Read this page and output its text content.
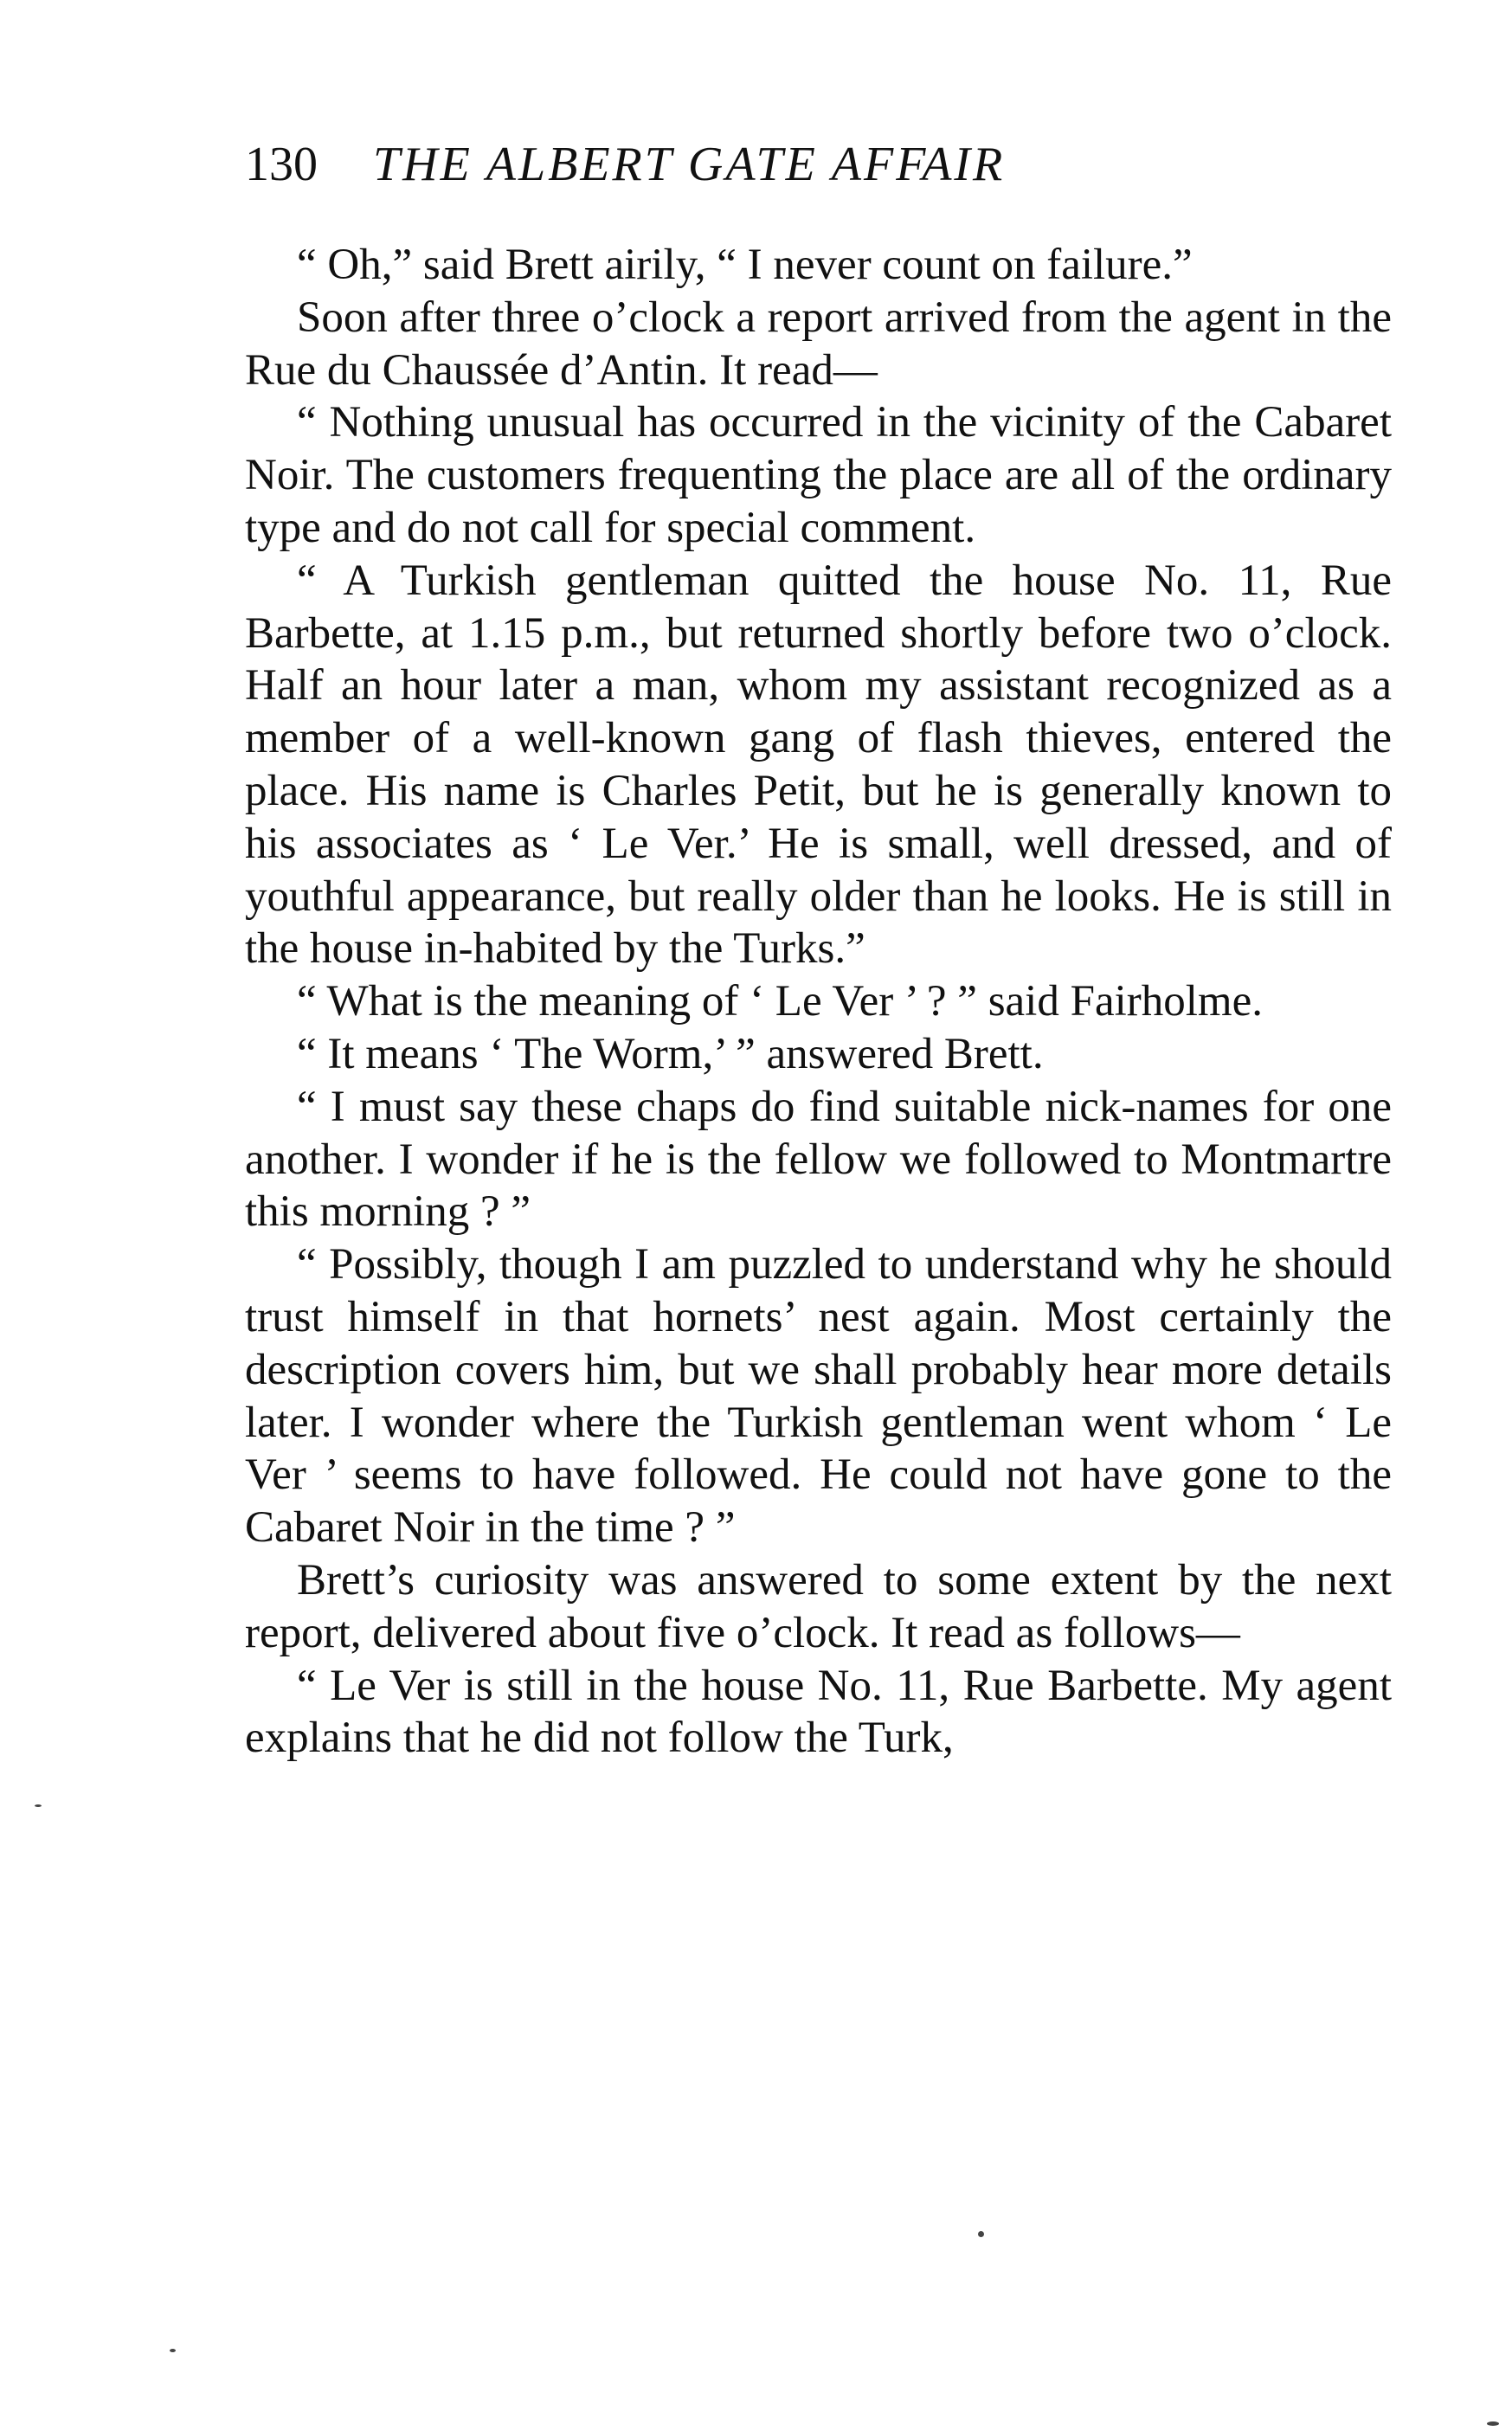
130 THE ALBERT GATE AFFAIR

“ Oh,” said Brett airily, “ I never count on failure.”

Soon after three o’clock a report arrived from the agent in the Rue du Chaussée d’Antin. It read—

“ Nothing unusual has occurred in the vicinity of the Cabaret Noir. The customers frequenting the place are all of the ordinary type and do not call for special comment.

“ A Turkish gentleman quitted the house No. 11, Rue Barbette, at 1.15 p.m., but returned shortly before two o’clock. Half an hour later a man, whom my assistant recognized as a member of a well-known gang of flash thieves, entered the place. His name is Charles Petit, but he is generally known to his associates as ‘ Le Ver.’ He is small, well dressed, and of youthful appearance, but really older than he looks. He is still in the house in-habited by the Turks.”

“ What is the meaning of ‘ Le Ver ’ ? ” said Fairholme.

“ It means ‘ The Worm,’ ” answered Brett.

“ I must say these chaps do find suitable nick-names for one another. I wonder if he is the fellow we followed to Montmartre this morning ? ”

“ Possibly, though I am puzzled to understand why he should trust himself in that hornets’ nest again. Most certainly the description covers him, but we shall probably hear more details later. I wonder where the Turkish gentleman went whom ‘ Le Ver ’ seems to have followed. He could not have gone to the Cabaret Noir in the time ? ”

Brett’s curiosity was answered to some extent by the next report, delivered about five o’clock. It read as follows—

“ Le Ver is still in the house No. 11, Rue Barbette. My agent explains that he did not follow the Turk,
